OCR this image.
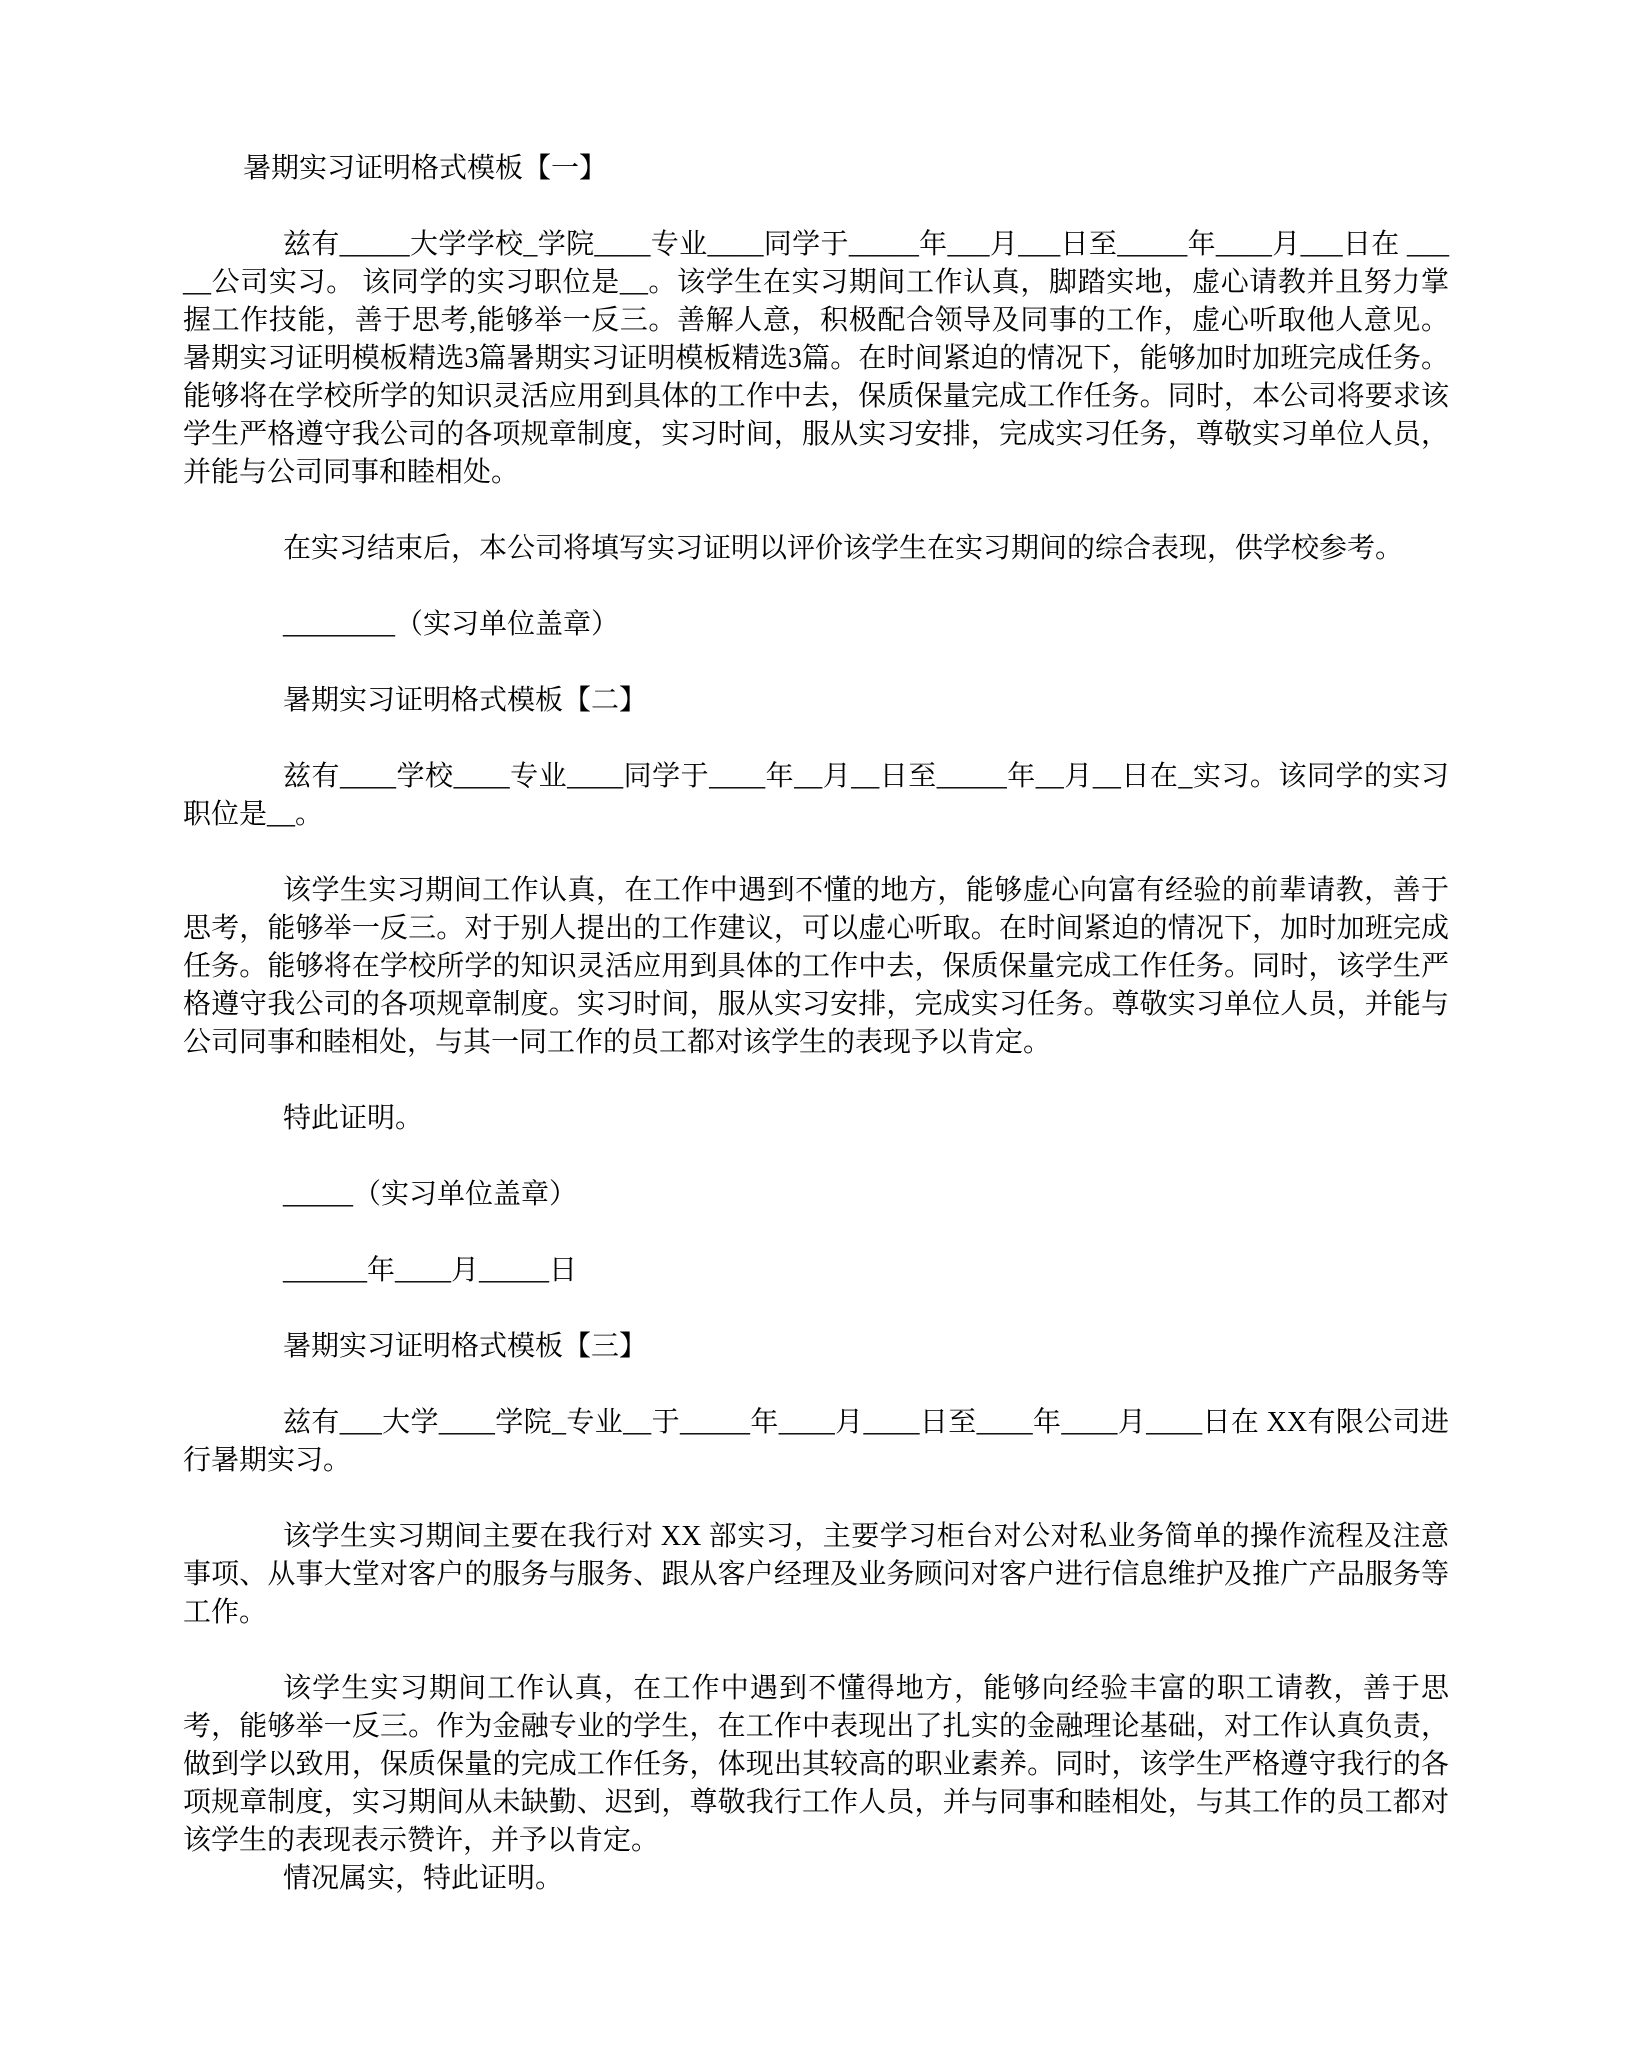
暑期实习证明格式模板【一】

兹有_____大学学校_学院____专业____同学于_____年___月___日至_____年____月___日在 _____公司实习。 该同学的实习职位是__。该学生在实习期间工作认真，脚踏实地，虚心请教并且努力掌握工作技能，善于思考,能够举一反三。善解人意，积极配合领导及同事的工作，虚心听取他人意见。暑期实习证明模板精选3篇暑期实习证明模板精选3篇。在时间紧迫的情况下，能够加时加班完成任务。能够将在学校所学的知识灵活应用到具体的工作中去，保质保量完成工作任务。同时，本公司将要求该学生严格遵守我公司的各项规章制度，实习时间，服从实习安排，完成实习任务，尊敬实习单位人员，并能与公司同事和睦相处。

在实习结束后，本公司将填写实习证明以评价该学生在实习期间的综合表现，供学校参考。

________（实习单位盖章）

暑期实习证明格式模板【二】

兹有____学校____专业____同学于____年__月__日至_____年__月__日在_实习。该同学的实习职位是__。

该学生实习期间工作认真，在工作中遇到不懂的地方，能够虚心向富有经验的前辈请教，善于思考，能够举一反三。对于别人提出的工作建议，可以虚心听取。在时间紧迫的情况下，加时加班完成任务。能够将在学校所学的知识灵活应用到具体的工作中去，保质保量完成工作任务。同时，该学生严格遵守我公司的各项规章制度。实习时间，服从实习安排，完成实习任务。尊敬实习单位人员，并能与公司同事和睦相处，与其一同工作的员工都对该学生的表现予以肯定。

特此证明。

_____（实习单位盖章）

______年____月_____日

暑期实习证明格式模板【三】

兹有___大学____学院_专业__于_____年____月____日至____年____月____日在 XX有限公司进行暑期实习。

该学生实习期间主要在我行对 XX 部实习，主要学习柜台对公对私业务简单的操作流程及注意事项、从事大堂对客户的服务与服务、跟从客户经理及业务顾问对客户进行信息维护及推广产品服务等工作。

该学生实习期间工作认真，在工作中遇到不懂得地方，能够向经验丰富的职工请教，善于思考，能够举一反三。作为金融专业的学生，在工作中表现出了扎实的金融理论基础，对工作认真负责，做到学以致用，保质保量的完成工作任务，体现出其较高的职业素养。同时，该学生严格遵守我行的各项规章制度，实习期间从未缺勤、迟到，尊敬我行工作人员，并与同事和睦相处，与其工作的员工都对该学生的表现表示赞许，并予以肯定。

情况属实，特此证明。
